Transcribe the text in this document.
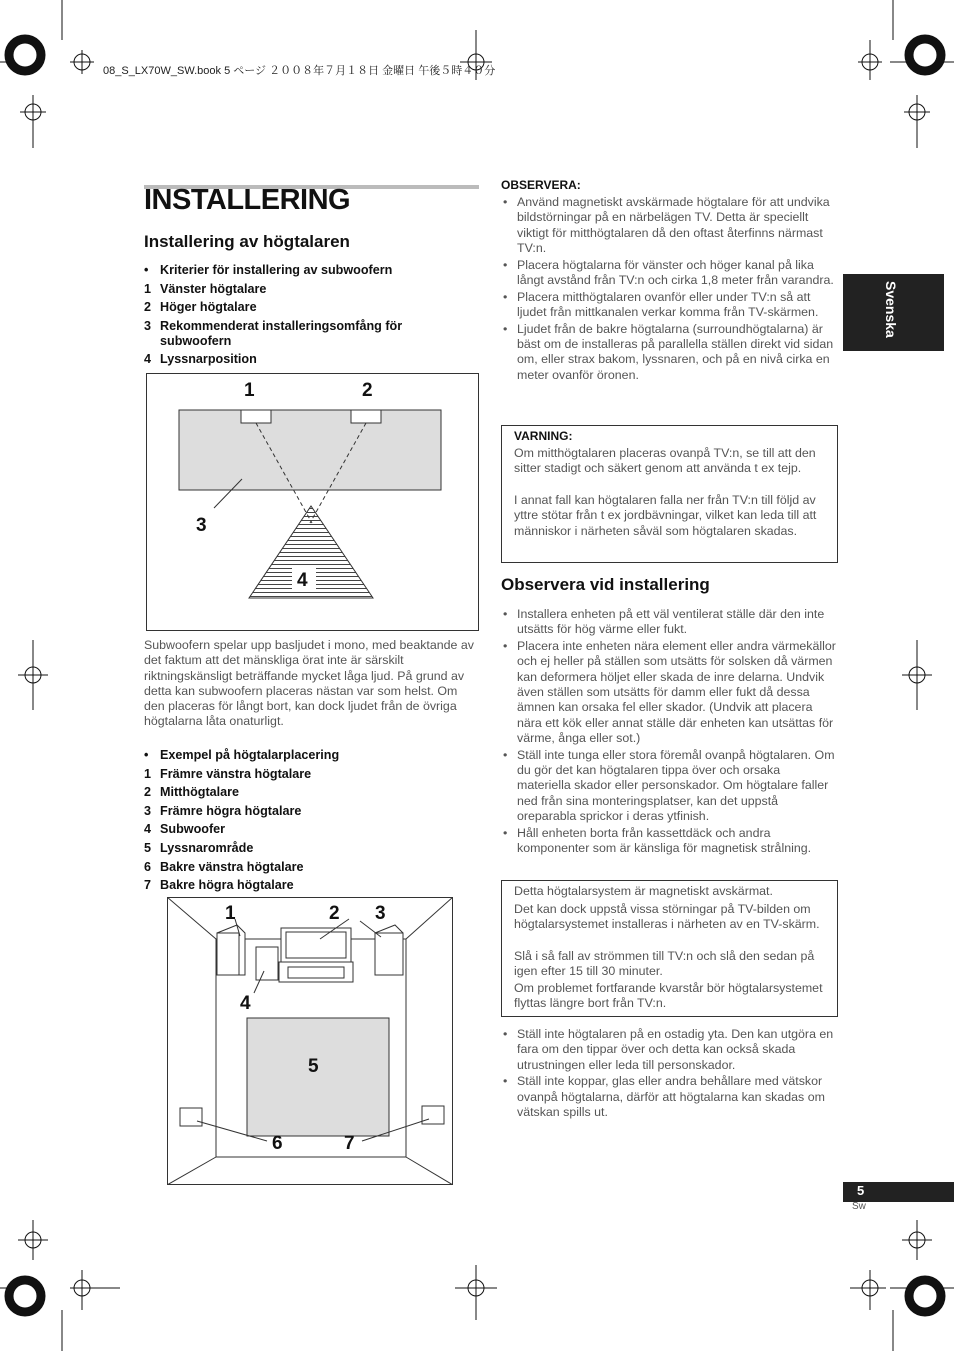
08_S_LX70W_SW.book 5 ページ ２００８年７月１８日 金曜日 午後５時４０分
INSTALLERING
Installering av högtalaren
• Kriterier för installering av subwoofern
1 Vänster högtalare
2 Höger högtalare
3 Rekommenderat installeringsomfång för subwoofern
4 Lyssnarposition
1	2
3
4
Subwoofern spelar upp basljudet i mono, med beaktande av det faktum att det mänskliga örat inte är särskilt riktningskänsligt beträffande mycket låga ljud. På grund av detta kan subwoofern placeras nästan var som helst. Om den placeras för långt bort, kan dock ljudet från de övriga högtalarna låta onaturligt.
• Exempel på högtalarplacering
1 Främre vänstra högtalare
2 Mitthögtalare
3 Främre högra högtalare
4 Subwoofer
5 Lyssnarområde
6 Bakre vänstra högtalare
7 Bakre högra högtalare
1	2 3
4
5
6	7
OBSERVERA:
• Använd magnetiskt avskärmade högtalare för att undvika bildstörningar på en närbelägen TV. Detta är speciellt viktigt för mitthögtalaren då den oftast återfinns närmast TV:n.
• Placera högtalarna för vänster och höger kanal på lika långt avstånd från TV:n och cirka 1,8 meter från varandra.
• Placera mitthögtalaren ovanför eller under TV:n så att ljudet från mittkanalen verkar komma från TV-skärmen.
• Ljudet från de bakre högtalarna (surroundhögtalarna) är bäst om de installeras på parallella ställen direkt vid sidan om, eller strax bakom, lyssnaren, och på en nivå cirka en meter ovanför öronen.
VARNING:
Om mitthögtalaren placeras ovanpå TV:n, se till att den sitter stadigt och säkert genom att använda t ex tejp.
I annat fall kan högtalaren falla ner från TV:n till följd av yttre stötar från t ex jordbävningar, vilket kan leda till att människor i närheten såväl som högtalaren skadas.
Observera vid installering
• Installera enheten på ett väl ventilerat ställe där den inte utsätts för hög värme eller fukt.
• Placera inte enheten nära element eller andra värmekällor och ej heller på ställen som utsätts för solsken då värmen kan deformera höljet eller skada de inre delarna. Undvik även ställen som utsätts för damm eller fukt då dessa ämnen kan orsaka fel eller skador. (Undvik att placera nära ett kök eller annat ställe där enheten kan utsättas för värme, ånga eller sot.)
• Ställ inte tunga eller stora föremål ovanpå högtalaren. Om du gör det kan högtalaren tippa över och orsaka materiella skador eller personskador. Om högtalare faller ned från sina monteringsplatser, kan det uppstå oreparabla sprickor i deras ytfinish.
• Håll enheten borta från kassettdäck och andra komponenter som är känsliga för magnetisk strålning.
Detta högtalarsystem är magnetiskt avskärmat.
Det kan dock uppstå vissa störningar på TV-bilden om högtalarsystemet installeras i närheten av en TV-skärm.
Slå i så fall av strömmen till TV:n och slå den sedan på igen efter 15 till 30 minuter.
Om problemet fortfarande kvarstår bör högtalarsystemet flyttas längre bort från TV:n.
• Ställ inte högtalaren på en ostadig yta. Den kan utgöra en fara om den tippar över och detta kan också skada utrustningen eller leda till personskador.
• Ställ inte koppar, glas eller andra behållare med vätskor ovanpå högtalarna, därför att högtalarna kan skadas om vätskan spills ut.
Svenska
5
Sw
